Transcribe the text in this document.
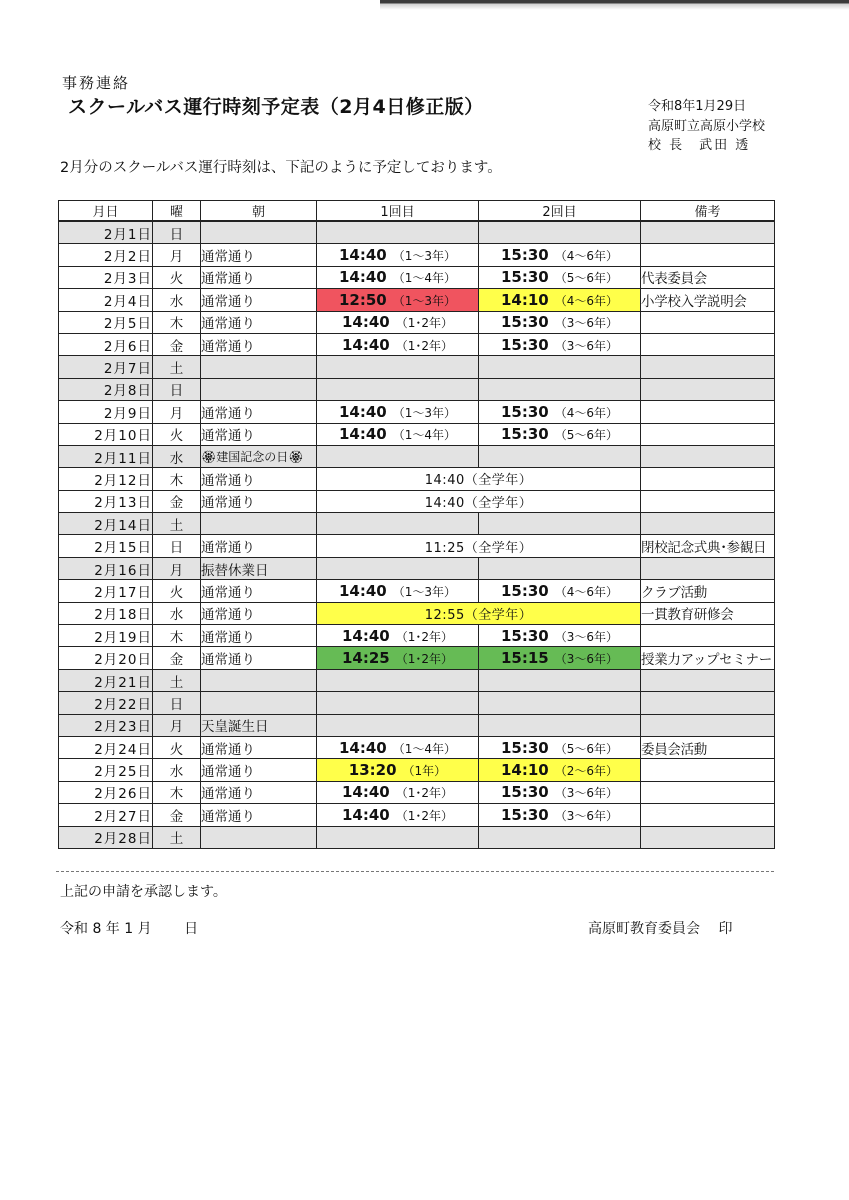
事務連絡
スクールバス運行時刻予定表（2月4日修正版）	令和8年1月29日
高原町立高原小学校
校 長　武田 透
2月分のスクールバス運行時刻は、下記のように予定しております。
月日	曜	朝	1回目	2回目	備考
2月1日	日				
2月2日	月	通常通り	14:40 （1～3年）	15:30 （4～6年）	
2月3日	火	通常通り	14:40 （1～4年）	15:30 （5～6年）	代表委員会
2月4日	水	通常通り	12:50 （1～3年）	14:10 （4～6年）	小学校入学説明会
2月5日	木	通常通り	14:40 （1･2年）	15:30 （3～6年）	
2月6日	金	通常通り	14:40 （1･2年）	15:30 （3～6年）	
2月7日	土				
2月8日	日				
2月9日	月	通常通り	14:40 （1～3年）	15:30 （4～6年）	
2月10日	火	通常通り	14:40 （1～4年）	15:30 （5～6年）	
2月11日	水	🏵建国記念の日🏵			
2月12日	木	通常通り	14:40（全学年）		
2月13日	金	通常通り	14:40（全学年）		
2月14日	土				
2月15日	日	通常通り	11:25（全学年）		閉校記念式典･参観日
2月16日	月	振替休業日			
2月17日	火	通常通り	14:40 （1～3年）	15:30 （4～6年）	クラブ活動
2月18日	水	通常通り	12:55（全学年）		一貫教育研修会
2月19日	木	通常通り	14:40 （1･2年）	15:30 （3～6年）	
2月20日	金	通常通り	14:25 （1･2年）	15:15 （3～6年）	授業力アップセミナー
2月21日	土				
2月22日	日				
2月23日	月	天皇誕生日			
2月24日	火	通常通り	14:40 （1～4年）	15:30 （5～6年）	委員会活動
2月25日	水	通常通り	13:20 （1年）	14:10 （2～6年）	
2月26日	木	通常通り	14:40 （1･2年）	15:30 （3～6年）	
2月27日	金	通常通り	14:40 （1･2年）	15:30 （3～6年）	
2月28日	土				
上記の申請を承認します。
令和 8 年 1 月　　 日	高原町教育委員会　 印
